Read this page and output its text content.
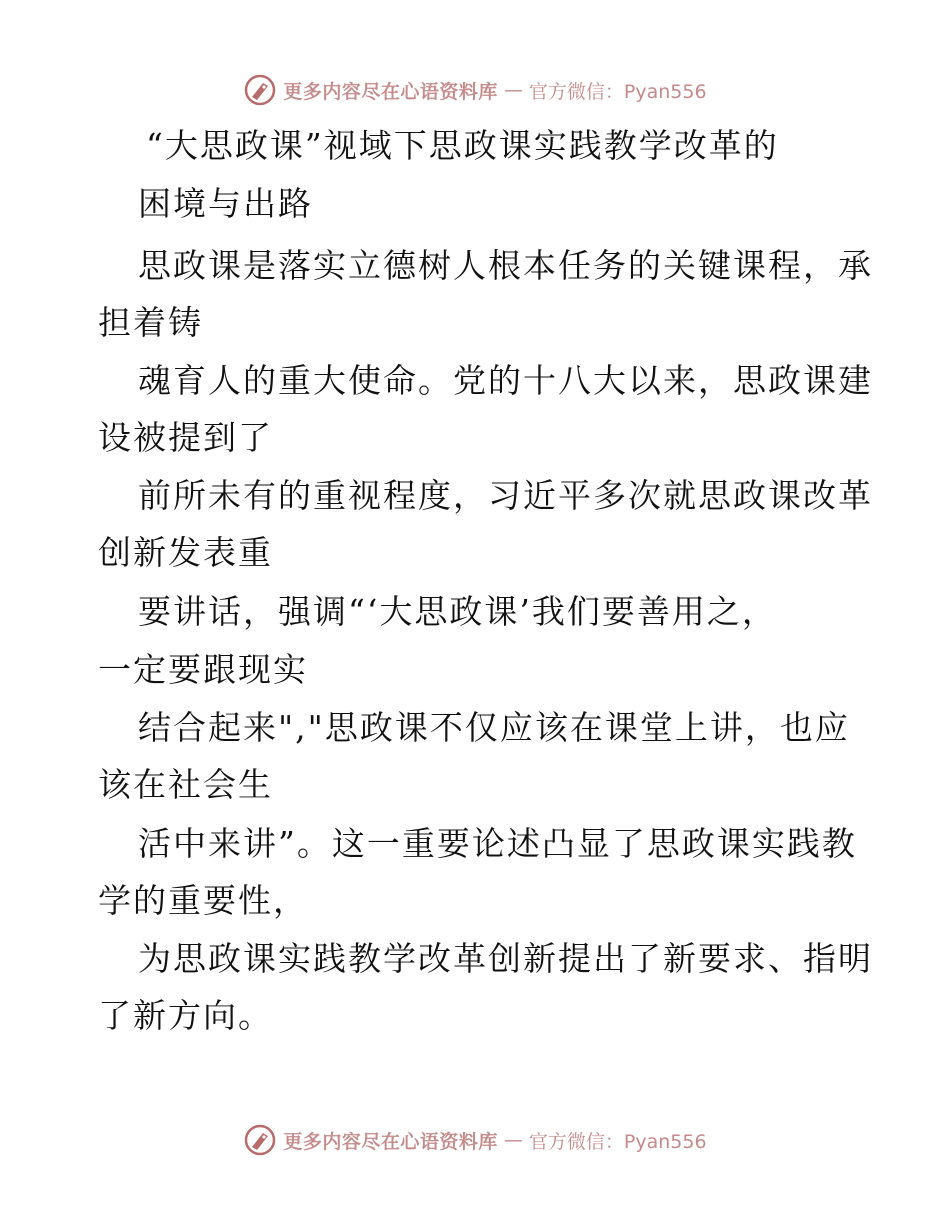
更多内容尽在心语资料库 — 官方微信：Pyan556
“大思政课”视域下思政课实践教学改革的
困境与出路
思政课是落实立德树人根本任务的关键课程，承
担着铸
魂育人的重大使命。党的十八大以来，思政课建
设被提到了
前所未有的重视程度，习近平多次就思政课改革
创新发表重
要讲话，强调“‘大思政课’我们要善用之，
一定要跟现实
结合起来","思政课不仅应该在课堂上讲，也应
该在社会生
活中来讲”。这一重要论述凸显了思政课实践教
学的重要性，
为思政课实践教学改革创新提出了新要求、指明
了新方向。
更多内容尽在心语资料库 — 官方微信：Pyan556
